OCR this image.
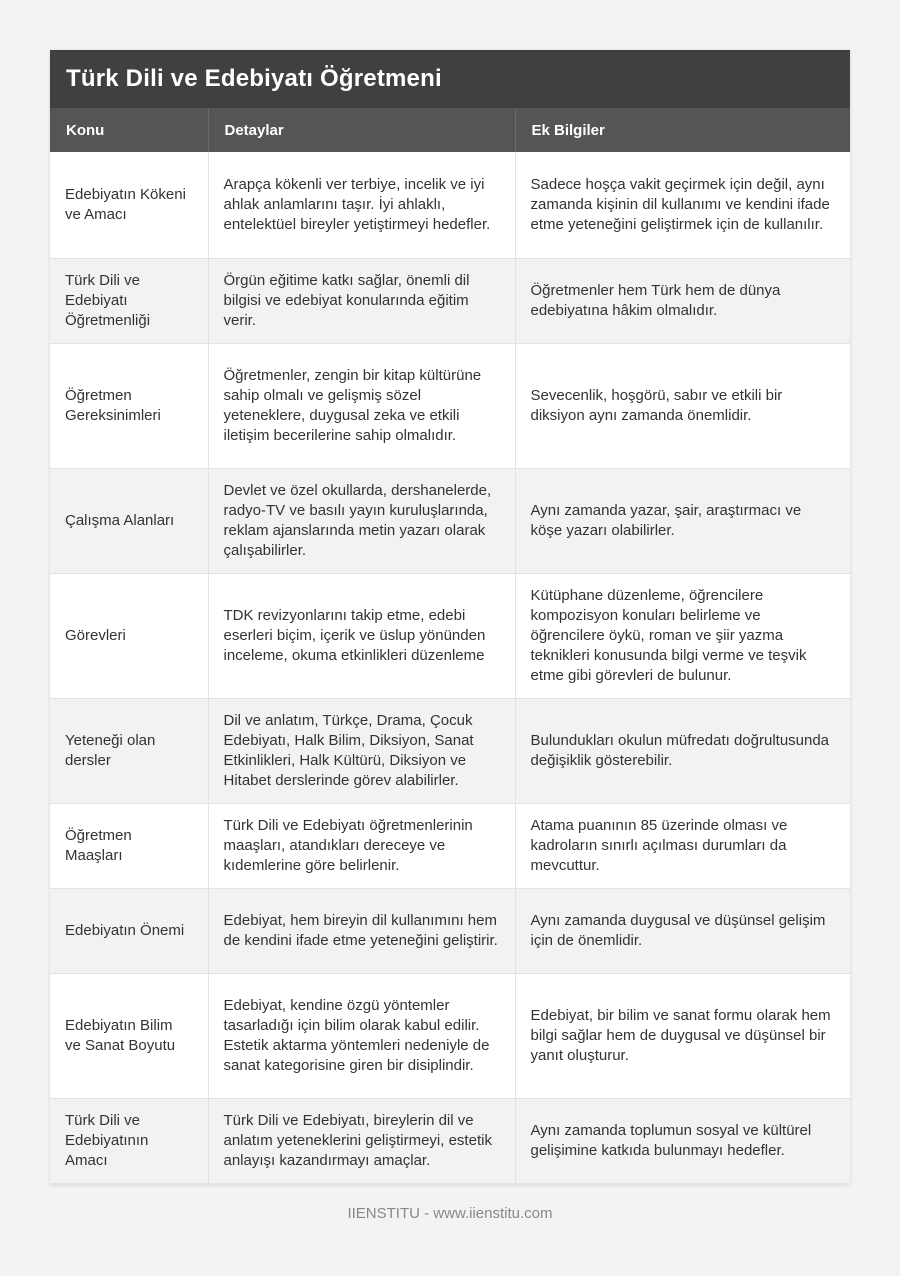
Türk Dili ve Edebiyatı Öğretmeni
Konu	Detaylar	Ek Bilgiler
Edebiyatın Kökeni ve Amacı	Arapça kökenli ver terbiye, incelik ve iyi ahlak anlamlarını taşır. İyi ahlaklı, entelektüel bireyler yetiştirmeyi hedefler.	Sadece hoşça vakit geçirmek için değil, aynı zamanda kişinin dil kullanımı ve kendini ifade etme yeteneğini geliştirmek için de kullanılır.
Türk Dili ve Edebiyatı Öğretmenliği	Örgün eğitime katkı sağlar, önemli dil bilgisi ve edebiyat konularında eğitim verir.	Öğretmenler hem Türk hem de dünya edebiyatına hâkim olmalıdır.
Öğretmen Gereksinimleri	Öğretmenler, zengin bir kitap kültürüne sahip olmalı ve gelişmiş sözel yeteneklere, duygusal zeka ve etkili iletişim becerilerine sahip olmalıdır.	Sevecenlik, hoşgörü, sabır ve etkili bir diksiyon aynı zamanda önemlidir.
Çalışma Alanları	Devlet ve özel okullarda, dershanelerde, radyo-TV ve basılı yayın kuruluşlarında, reklam ajanslarında metin yazarı olarak çalışabilirler.	Aynı zamanda yazar, şair, araştırmacı ve köşe yazarı olabilirler.
Görevleri	TDK revizyonlarını takip etme, edebi eserleri biçim, içerik ve üslup yönünden inceleme, okuma etkinlikleri düzenleme	Kütüphane düzenleme, öğrencilere kompozisyon konuları belirleme ve öğrencilere öykü, roman ve şiir yazma teknikleri konusunda bilgi verme ve teşvik etme gibi görevleri de bulunur.
Yeteneği olan dersler	Dil ve anlatım, Türkçe, Drama, Çocuk Edebiyatı, Halk Bilim, Diksiyon, Sanat Etkinlikleri, Halk Kültürü, Diksiyon ve Hitabet derslerinde görev alabilirler.	Bulundukları okulun müfredatı doğrultusunda değişiklik gösterebilir.
Öğretmen Maaşları	Türk Dili ve Edebiyatı öğretmenlerinin maaşları, atandıkları dereceye ve kıdemlerine göre belirlenir.	Atama puanının 85 üzerinde olması ve kadroların sınırlı açılması durumları da mevcuttur.
Edebiyatın Önemi	Edebiyat, hem bireyin dil kullanımını hem de kendini ifade etme yeteneğini geliştirir.	Aynı zamanda duygusal ve düşünsel gelişim için de önemlidir.
Edebiyatın Bilim ve Sanat Boyutu	Edebiyat, kendine özgü yöntemler tasarladığı için bilim olarak kabul edilir. Estetik aktarma yöntemleri nedeniyle de sanat kategorisine giren bir disiplindir.	Edebiyat, bir bilim ve sanat formu olarak hem bilgi sağlar hem de duygusal ve düşünsel bir yanıt oluşturur.
Türk Dili ve Edebiyatının Amacı	Türk Dili ve Edebiyatı, bireylerin dil ve anlatım yeteneklerini geliştirmeyi, estetik anlayışı kazandırmayı amaçlar.	Aynı zamanda toplumun sosyal ve kültürel gelişimine katkıda bulunmayı hedefler.
IIENSTITU - www.iienstitu.com
